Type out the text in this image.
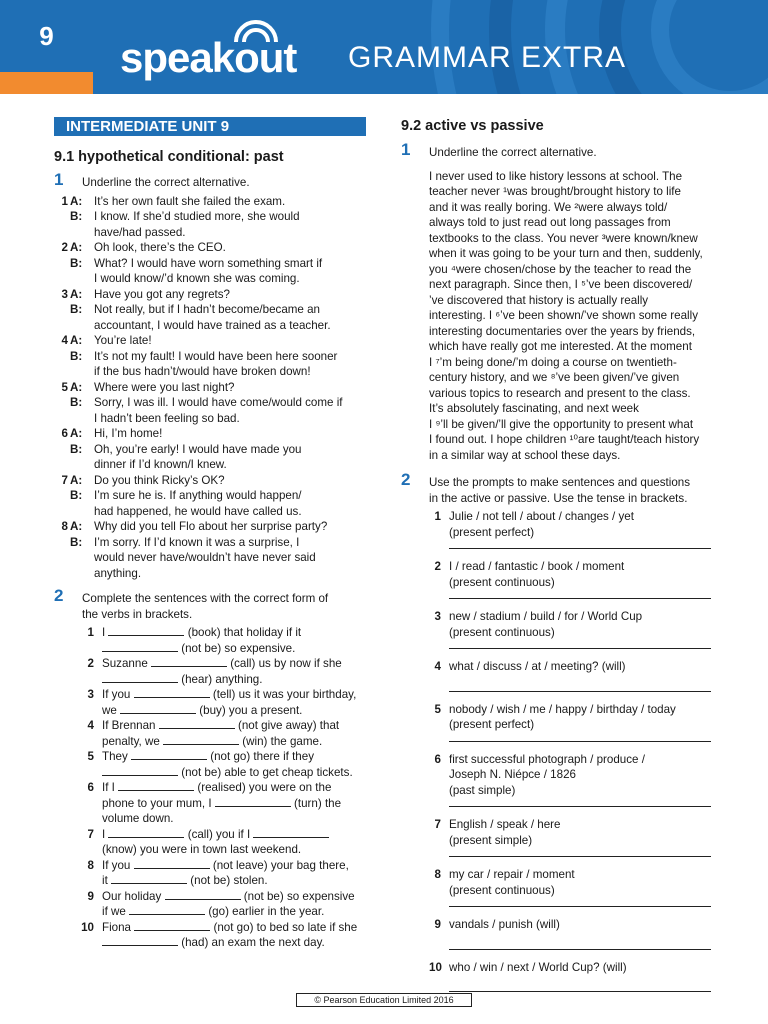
9	speakout GRAMMAR EXTRA
INTERMEDIATE UNIT 9
9.1 hypothetical conditional: past
1 Underline the correct alternative.
1 A: It’s her own fault she failed the exam.
B: I know. If she’d studied more, she would
have/had passed.
2 A: Oh look, there’s the CEO.
B: What? I would have worn something smart if
I would know/’d known she was coming.
3 A: Have you got any regrets?
B: Not really, but if I hadn’t become/became an
accountant, I would have trained as a teacher.
4 A: You’re late!
B: It’s not my fault! I would have been here sooner
if the bus hadn’t/would have broken down!
5 A: Where were you last night?
B: Sorry, I was ill. I would have come/would come if
I hadn’t been feeling so bad.
6 A: Hi, I’m home!
B: Oh, you’re early! I would have made you
dinner if I’d known/I knew.
7 A: Do you think Ricky’s OK?
B: I’m sure he is. If anything would happen/
had happened, he would have called us.
8 A: Why did you tell Flo about her surprise party?
B: I’m sorry. If I’d known it was a surprise, I
would never have/wouldn’t have never said
anything.
2 Complete the sentences with the correct form of
the verbs in brackets.
1 I	(book) that holiday if it
(not be) so expensive.
2 Suzanne	(call) us by now if she
(hear) anything.
3 If you	(tell) us it was your birthday,
we	(buy) you a present.
4 If Brennan	(not give away) that
penalty, we	(win) the game.
5 They	(not go) there if they
(not be) able to get cheap tickets.
6 If I	(realised) you were on the
phone to your mum, I	(turn) the
volume down.
7 I	(call) you if I
(know) you were in town last weekend.
8 If you	(not leave) your bag there,
it	(not be) stolen.
9 Our holiday	(not be) so expensive
if we	(go) earlier in the year.
10 Fiona	(not go) to bed so late if she
(had) an exam the next day.
9.2 active vs passive
1 Underline the correct alternative.
I never used to like history lessons at school. The
teacher never ¹was brought/brought history to life
and it was really boring. We ²were always told/
always told to just read out long passages from
textbooks to the class. You never ³were known/knew
when it was going to be your turn and then, suddenly,
you ⁴were chosen/chose by the teacher to read the
next paragraph. Since then, I ⁵’ve been discovered/
’ve discovered that history is actually really
interesting. I ⁶’ve been shown/’ve shown some really
interesting documentaries over the years by friends,
which have really got me interested. At the moment
I ⁷’m being done/’m doing a course on twentieth-
century history, and we ⁸’ve been given/’ve given
various topics to research and present to the class.
It’s absolutely fascinating, and next week
I ⁹’ll be given/’ll give the opportunity to present what
I found out. I hope children ¹⁰are taught/teach history
in a similar way at school these days.
2 Use the prompts to make sentences and questions
in the active or passive. Use the tense in brackets.
1 Julie / not tell / about / changes / yet
(present perfect)
2 I / read / fantastic / book / moment
(present continuous)
3 new / stadium / build / for / World Cup
(present continuous)
4 what / discuss / at / meeting? (will)
5 nobody / wish / me / happy / birthday / today
(present perfect)
6 first successful photograph / produce /
Joseph N. Niépce / 1826
(past simple)
7 English / speak / here
(present simple)
8 my car / repair / moment
(present continuous)
9 vandals / punish (will)
10 who / win / next / World Cup? (will)
© Pearson Education Limited 2016
